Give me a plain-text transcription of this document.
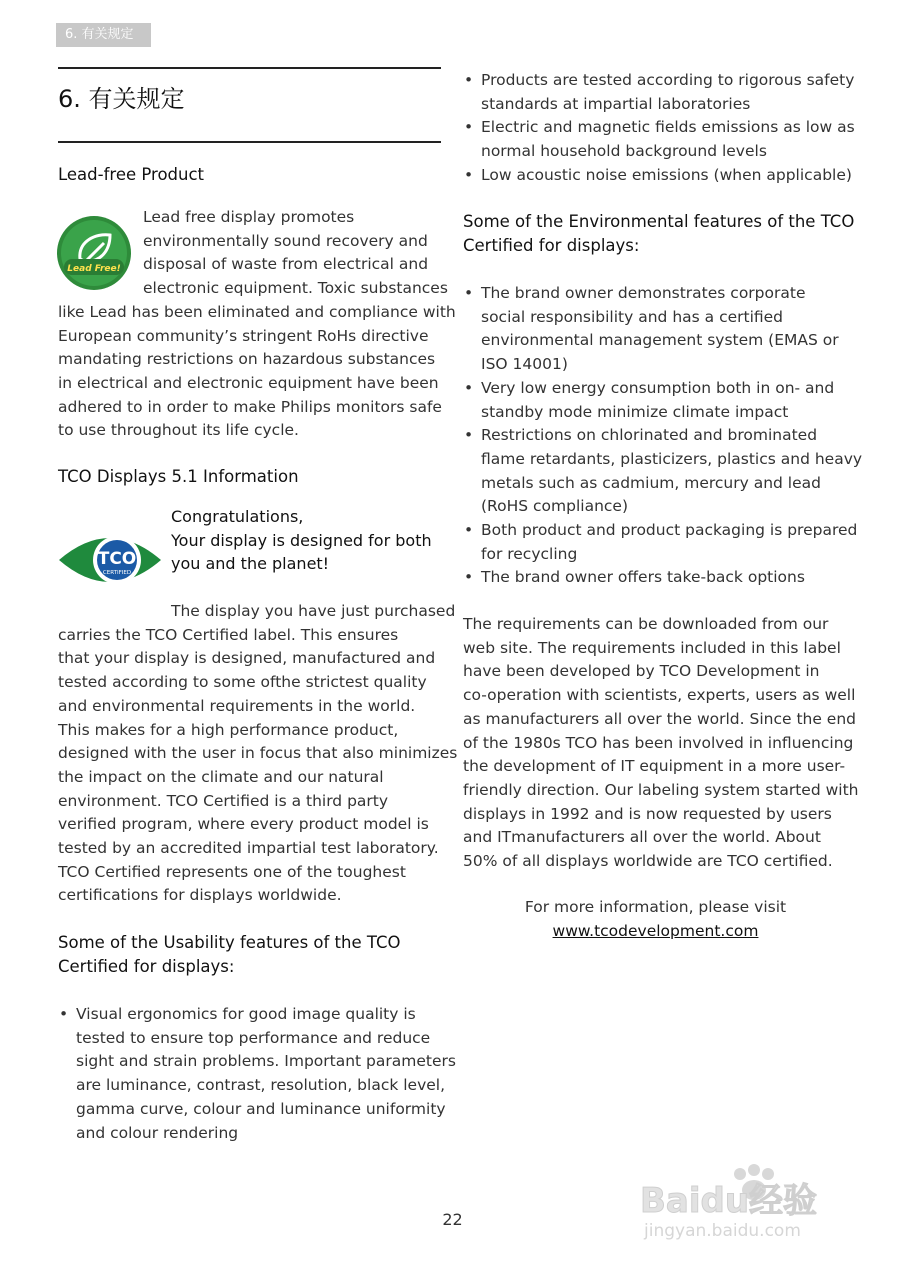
6. 有关规定
6. 有关规定
Lead-free Product
Lead Free!
Lead free display promotes
environmentally sound recovery and
disposal of waste from electrical and
electronic equipment. Toxic substances
like Lead has been eliminated and compliance with
European community’s stringent RoHs directive
mandating restrictions on hazardous substances
in electrical and electronic equipment have been
adhered to in order to make Philips monitors safe
to use throughout its life cycle.
TCO Displays 5.1 Information
TCO
CERTIFIED
Congratulations,
Your display is designed for both
you and the planet!
The display you have just purchased
carries the TCO Certified label. This ensures
that your display is designed, manufactured and
tested according to some ofthe strictest quality
and environmental requirements in the world.
This makes for a high performance product,
designed with the user in focus that also minimizes
the impact on the climate and our natural
environment. TCO Certified is a third party
verified program, where every product model is
tested by an accredited impartial test laboratory.
TCO Certified represents one of the toughest
certifications for displays worldwide.
Some of the Usability features of the TCO
Certified for displays:
• Visual ergonomics for good image quality is
tested to ensure top performance and reduce
sight and strain problems. Important parameters
are luminance, contrast, resolution, black level,
gamma curve, colour and luminance uniformity
and colour rendering
• Products are tested according to rigorous safety
standards at impartial laboratories
• Electric and magnetic fields emissions as low as
normal household background levels
• Low acoustic noise emissions (when applicable)
Some of the Environmental features of the TCO
Certified for displays:
• The brand owner demonstrates corporate
social responsibility and has a certified
environmental management system (EMAS or
ISO 14001)
• Very low energy consumption both in on- and
standby mode minimize climate impact
• Restrictions on chlorinated and brominated
flame retardants, plasticizers, plastics and heavy
metals such as cadmium, mercury and lead
(RoHS compliance)
• Both product and product packaging is prepared
for recycling
• The brand owner offers take-back options
The requirements can be downloaded from our
web site. The requirements included in this label
have been developed by TCO Development in
co-operation with scientists, experts, users as well
as manufacturers all over the world. Since the end
of the 1980s TCO has been involved in influencing
the development of IT equipment in a more user-
friendly direction. Our labeling system started with
displays in 1992 and is now requested by users
and ITmanufacturers all over the world. About
50% of all displays worldwide are TCO certified.
For more information, please visit
www.tcodevelopment.com
22	Baidu经验
jingyan.baidu.com
